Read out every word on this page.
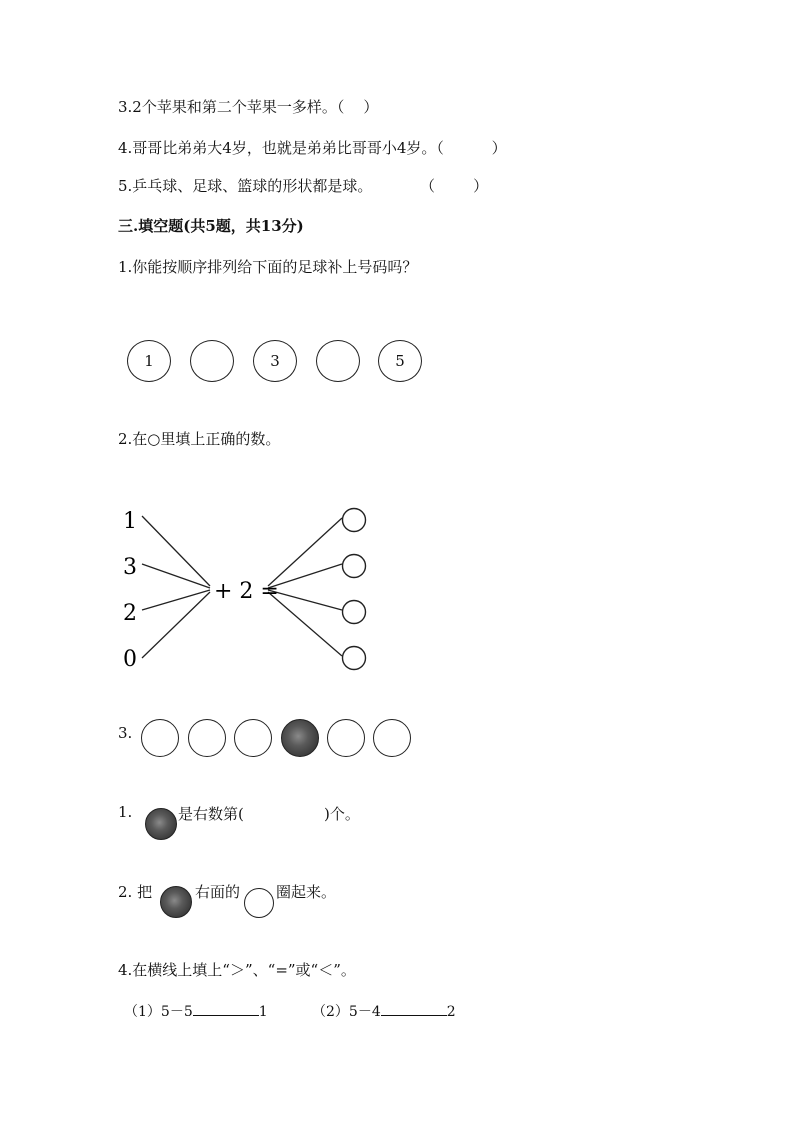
3.2个苹果和第二个苹果一多样。（    ）
4.哥哥比弟弟大4岁，也就是弟弟比哥哥小4岁。（          ）
5.乒乓球、足球、篮球的形状都是球。          （        ）
三.填空题(共5题，共13分)
1.你能按顺序排列给下面的足球补上号码吗？
1	3	5
2.在○里填上正确的数。
1
3
2
0
+ 2 =
3.
1.	是右数第(	)个。
2. 把	右面的 圈起来。
4.在横线上填上“＞”、“=”或“＜”。
（1）5－5	1	（2）5－4	2
